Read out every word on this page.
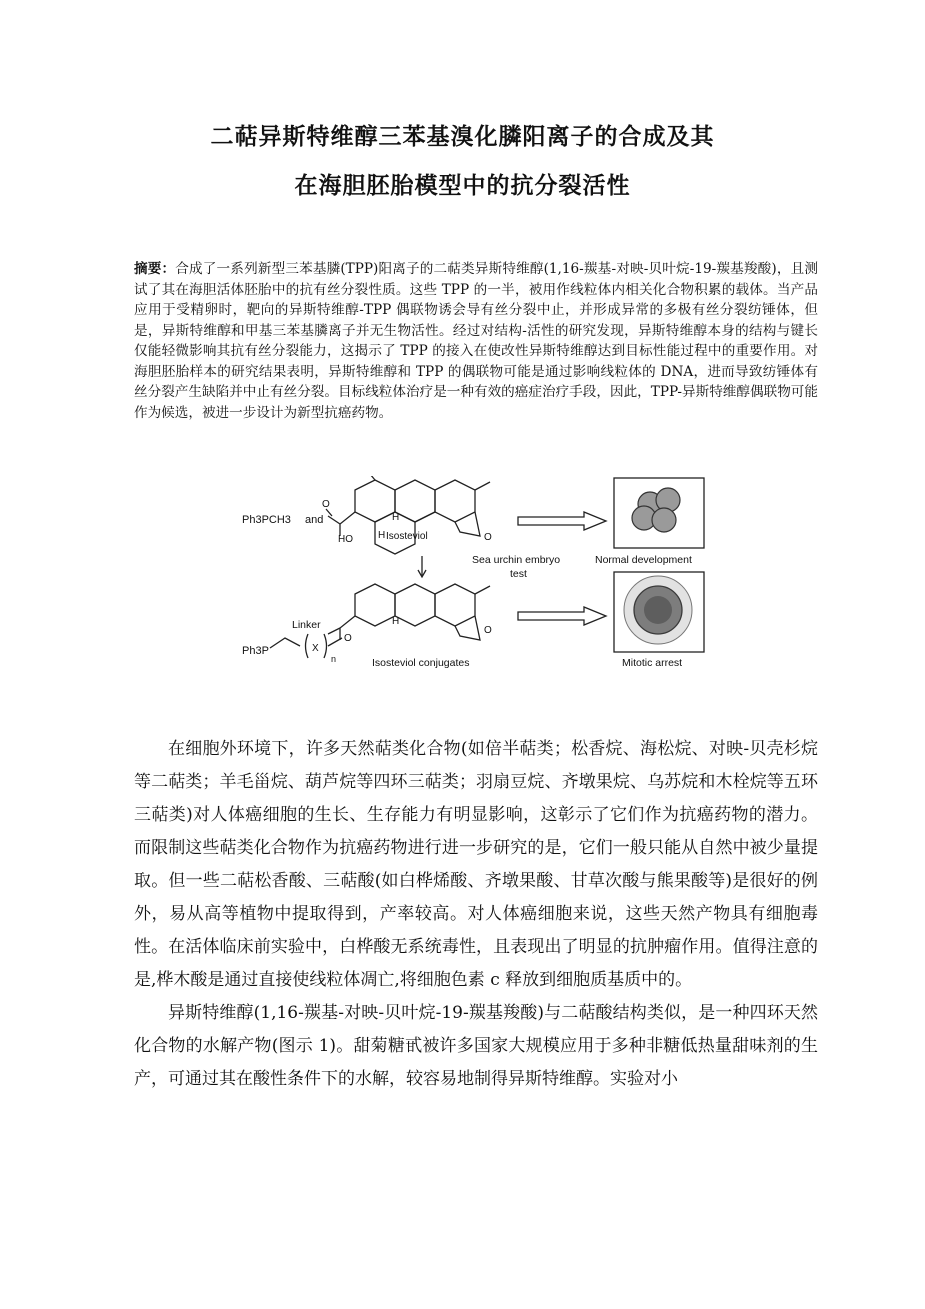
二萜异斯特维醇三苯基溴化膦阳离子的合成及其
在海胆胚胎模型中的抗分裂活性
摘要：合成了一系列新型三苯基膦(TPP)阳离子的二萜类异斯特维醇(1,16-羰基-对映-贝叶烷-19-羰基羧酸)，且测试了其在海胆活体胚胎中的抗有丝分裂性质。这些 TPP 的一半，被用作线粒体内相关化合物积累的载体。当产品应用于受精卵时，靶向的异斯特维醇-TPP 偶联物诱会导有丝分裂中止，并形成异常的多极有丝分裂纺锤体，但是，异斯特维醇和甲基三苯基膦离子并无生物活性。经过对结构-活性的研究发现，异斯特维醇本身的结构与键长仅能轻微影响其抗有丝分裂能力，这揭示了 TPP 的接入在使改性异斯特维醇达到目标性能过程中的重要作用。对海胆胚胎样本的研究结果表明，异斯特维醇和 TPP 的偶联物可能是通过影响线粒体的 DNA，进而导致纺锤体有丝分裂产生缺陷并中止有丝分裂。目标线粒体治疗是一种有效的癌症治疗手段，因此，TPP-异斯特维醇偶联物可能作为候选，被进一步设计为新型抗癌药物。
Ph3PCH3 and
HO
O
O
H
H Isosteviol
Sea urchin embryo
test
Normal development
Linker
X
n
O
O
H
Ph3P
Isosteviol conjugates	Mitotic arrest

在细胞外环境下，许多天然萜类化合物(如倍半萜类；松香烷、海松烷、对映-贝壳杉烷等二萜类；羊毛甾烷、葫芦烷等四环三萜类；羽扇豆烷、齐墩果烷、乌苏烷和木栓烷等五环三萜类)对人体癌细胞的生长、生存能力有明显影响，这彰示了它们作为抗癌药物的潜力。而限制这些萜类化合物作为抗癌药物进行进一步研究的是，它们一般只能从自然中被少量提取。但一些二萜松香酸、三萜酸(如白桦烯酸、齐墩果酸、甘草次酸与熊果酸等)是很好的例外，易从高等植物中提取得到，产率较高。对人体癌细胞来说，这些天然产物具有细胞毒性。在活体临床前实验中，白桦酸无系统毒性，且表现出了明显的抗肿瘤作用。值得注意的是,桦木酸是通过直接使线粒体凋亡,将细胞色素 c 释放到细胞质基质中的。

异斯特维醇(1,16-羰基-对映-贝叶烷-19-羰基羧酸)与二萜酸结构类似，是一种四环天然化合物的水解产物(图示 1)。甜菊糖甙被许多国家大规模应用于多种非糖低热量甜味剂的生产，可通过其在酸性条件下的水解，较容易地制得异斯特维醇。实验对小
